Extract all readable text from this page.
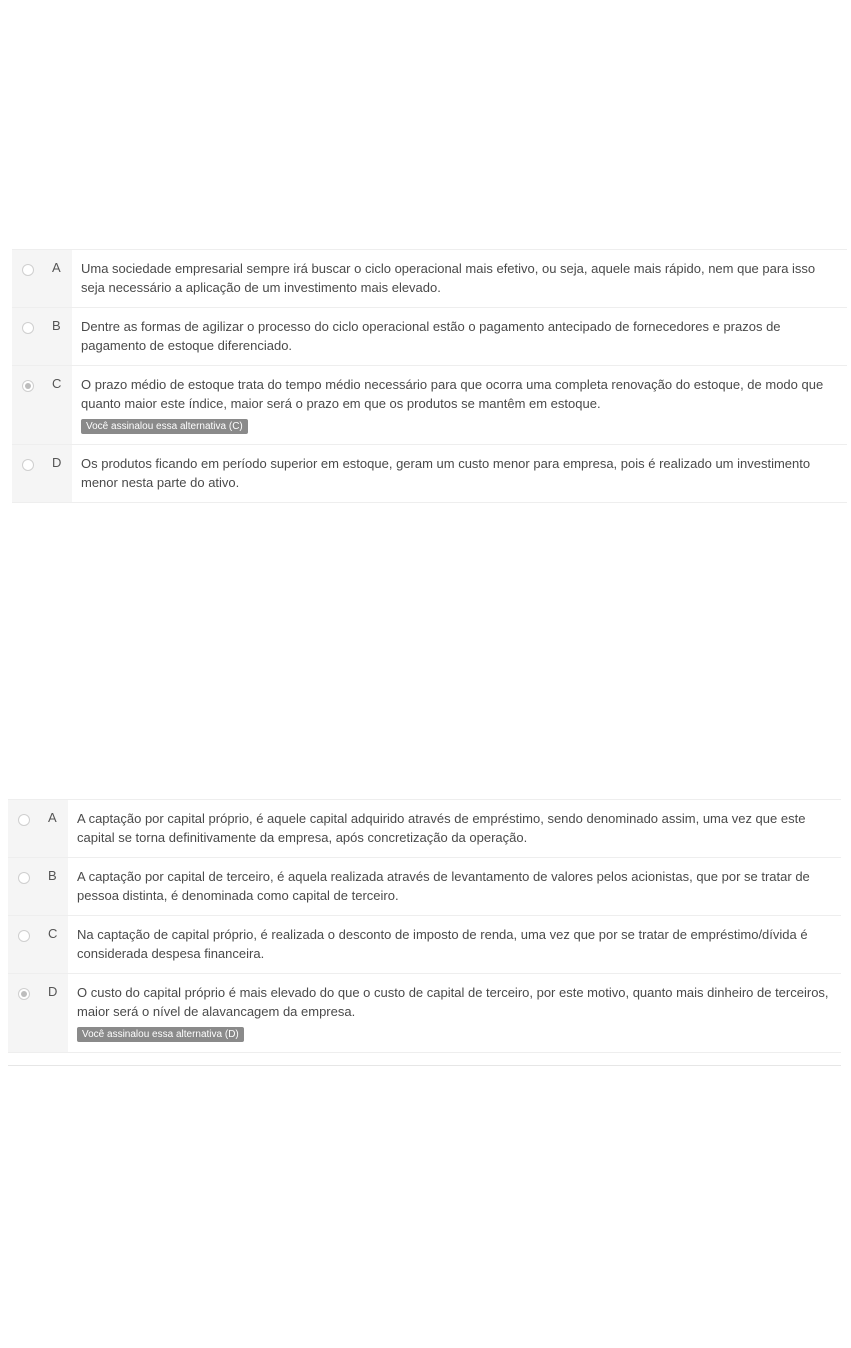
A	Uma sociedade empresarial sempre irá buscar o ciclo operacional mais efetivo, ou seja, aquele mais rápido, nem que para isso seja necessário a aplicação de um investimento mais elevado.
B	Dentre as formas de agilizar o processo do ciclo operacional estão o pagamento antecipado de fornecedores e prazos de pagamento de estoque diferenciado.
C	O prazo médio de estoque trata do tempo médio necessário para que ocorra uma completa renovação do estoque, de modo que quanto maior este índice, maior será o prazo em que os produtos se mantêm em estoque.
Você assinalou essa alternativa (C)
D	Os produtos ficando em período superior em estoque, geram um custo menor para empresa, pois é realizado um investimento menor nesta parte do ativo.
A	A captação por capital próprio, é aquele capital adquirido através de empréstimo, sendo denominado assim, uma vez que este capital se torna definitivamente da empresa, após concretização da operação.
B	A captação por capital de terceiro, é aquela realizada através de levantamento de valores pelos acionistas, que por se tratar de pessoa distinta, é denominada como capital de terceiro.
C	Na captação de capital próprio, é realizada o desconto de imposto de renda, uma vez que por se tratar de empréstimo/dívida é considerada despesa financeira.
D	O custo do capital próprio é mais elevado do que o custo de capital de terceiro, por este motivo, quanto mais dinheiro de terceiros, maior será o nível de alavancagem da empresa.
Você assinalou essa alternativa (D)
